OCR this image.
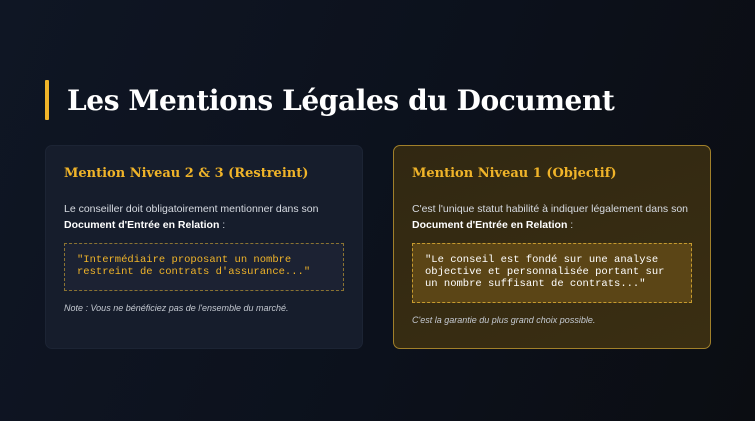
Les Mentions Légales du Document
Mention Niveau 2 & 3 (Restreint)

Le conseiller doit obligatoirement mentionner dans son Document d'Entrée en Relation :

"Intermédiaire proposant un nombre restreint de contrats d'assurance..."
Note : Vous ne bénéficiez pas de l'ensemble du marché.
Mention Niveau 1 (Objectif)

C'est l'unique statut habilité à indiquer légalement dans son Document d'Entrée en Relation :

"Le conseil est fondé sur une analyse objective et personnalisée portant sur un nombre suffisant de contrats..."
C'est la garantie du plus grand choix possible.
